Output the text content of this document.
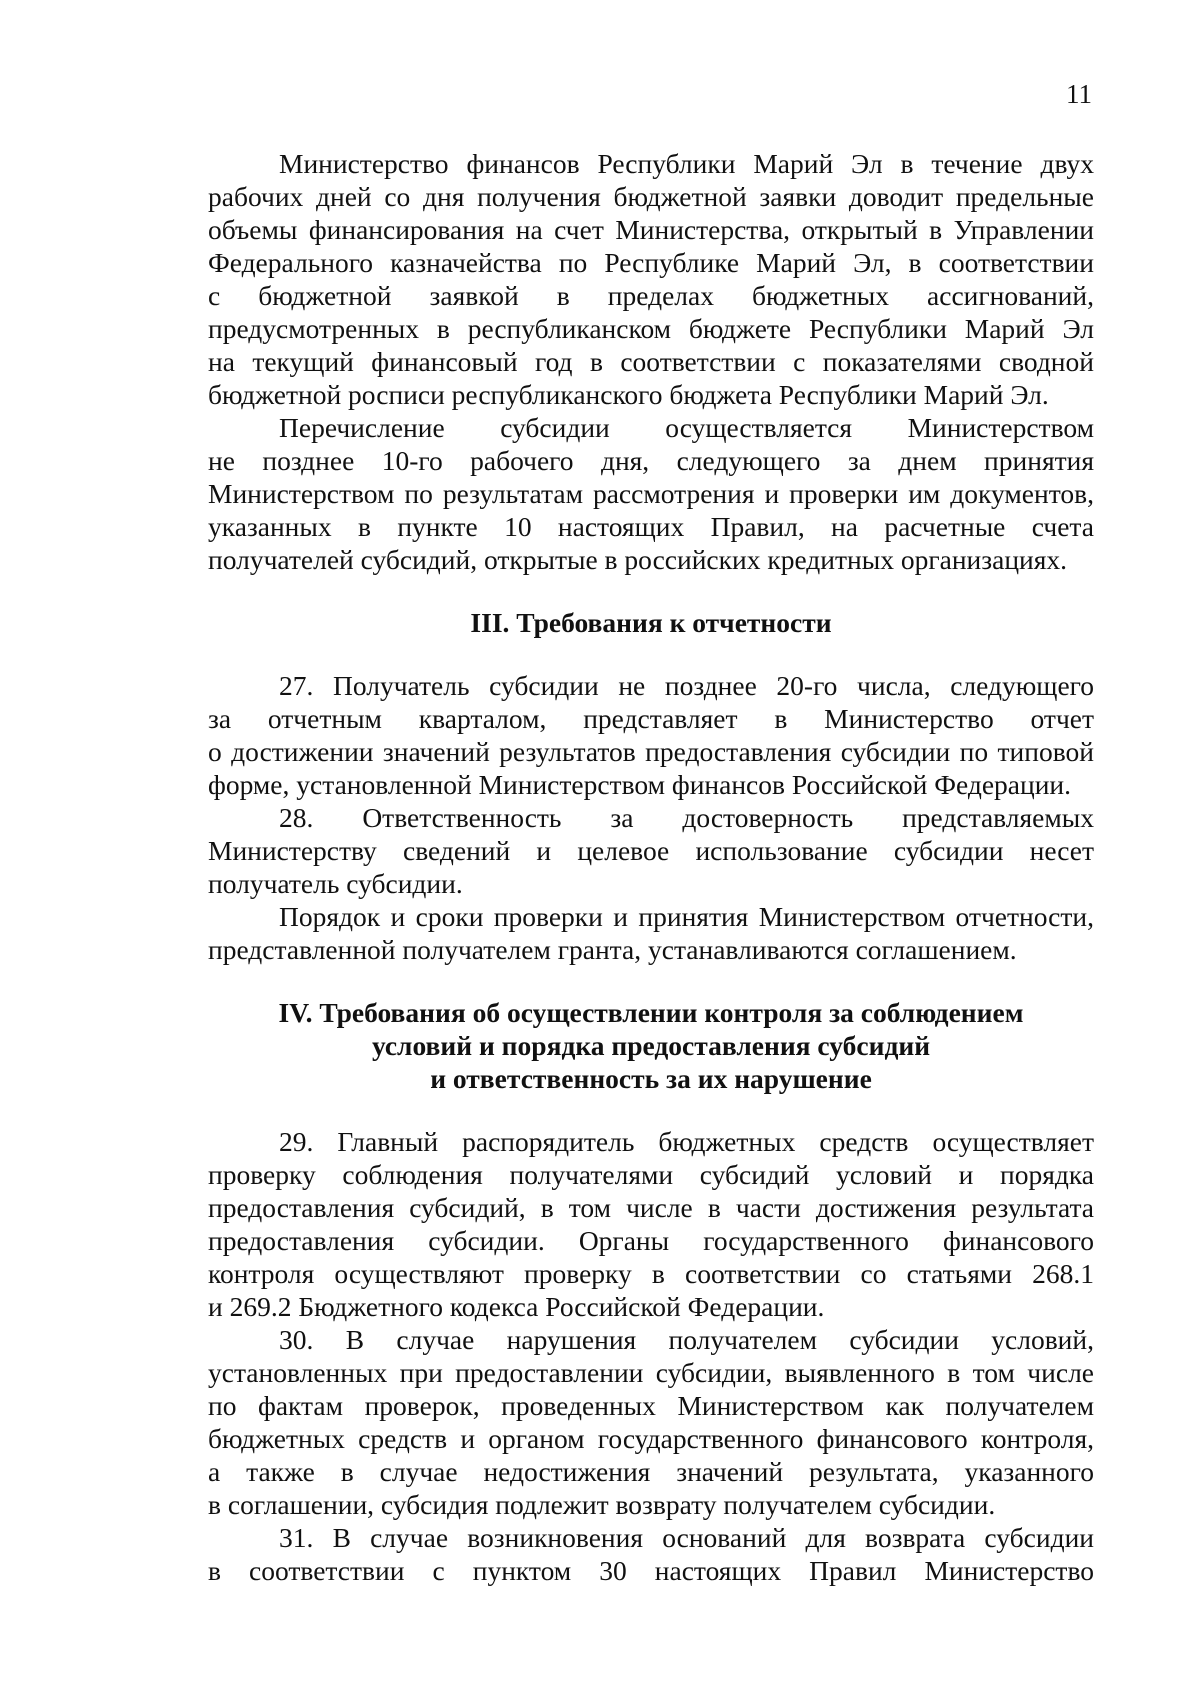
11
Министерство финансов Республики Марий Эл в течение двух
рабочих дней со дня получения бюджетной заявки доводит предельные
объемы финансирования на счет Министерства, открытый в Управлении
Федерального казначейства по Республике Марий Эл, в соответствии
с бюджетной заявкой в пределах бюджетных ассигнований,
предусмотренных в республиканском бюджете Республики Марий Эл
на текущий финансовый год в соответствии с показателями сводной
бюджетной росписи республиканского бюджета Республики Марий Эл.
Перечисление субсидии осуществляется Министерством
не позднее 10-го рабочего дня, следующего за днем принятия
Министерством по результатам рассмотрения и проверки им документов,
указанных в пункте 10 настоящих Правил, на расчетные счета
получателей субсидий, открытые в российских кредитных организациях.
III. Требования к отчетности
27. Получатель субсидии не позднее 20-го числа, следующего
за отчетным кварталом, представляет в Министерство отчет
о достижении значений результатов предоставления субсидии по типовой
форме, установленной Министерством финансов Российской Федерации.
28. Ответственность за достоверность представляемых
Министерству сведений и целевое использование субсидии несет
получатель субсидии.
Порядок и сроки проверки и принятия Министерством отчетности,
представленной получателем гранта, устанавливаются соглашением.
IV. Требования об осуществлении контроля за соблюдением
условий и порядка предоставления субсидий
и ответственность за их нарушение
29. Главный распорядитель бюджетных средств осуществляет
проверку соблюдения получателями субсидий условий и порядка
предоставления субсидий, в том числе в части достижения результата
предоставления субсидии. Органы государственного финансового
контроля осуществляют проверку в соответствии со статьями 268.1
и 269.2 Бюджетного кодекса Российской Федерации.
30. В случае нарушения получателем субсидии условий,
установленных при предоставлении субсидии, выявленного в том числе
по фактам проверок, проведенных Министерством как получателем
бюджетных средств и органом государственного финансового контроля,
а также в случае недостижения значений результата, указанного
в соглашении, субсидия подлежит возврату получателем субсидии.
31. В случае возникновения оснований для возврата субсидии
в соответствии с пунктом 30 настоящих Правил Министерство
